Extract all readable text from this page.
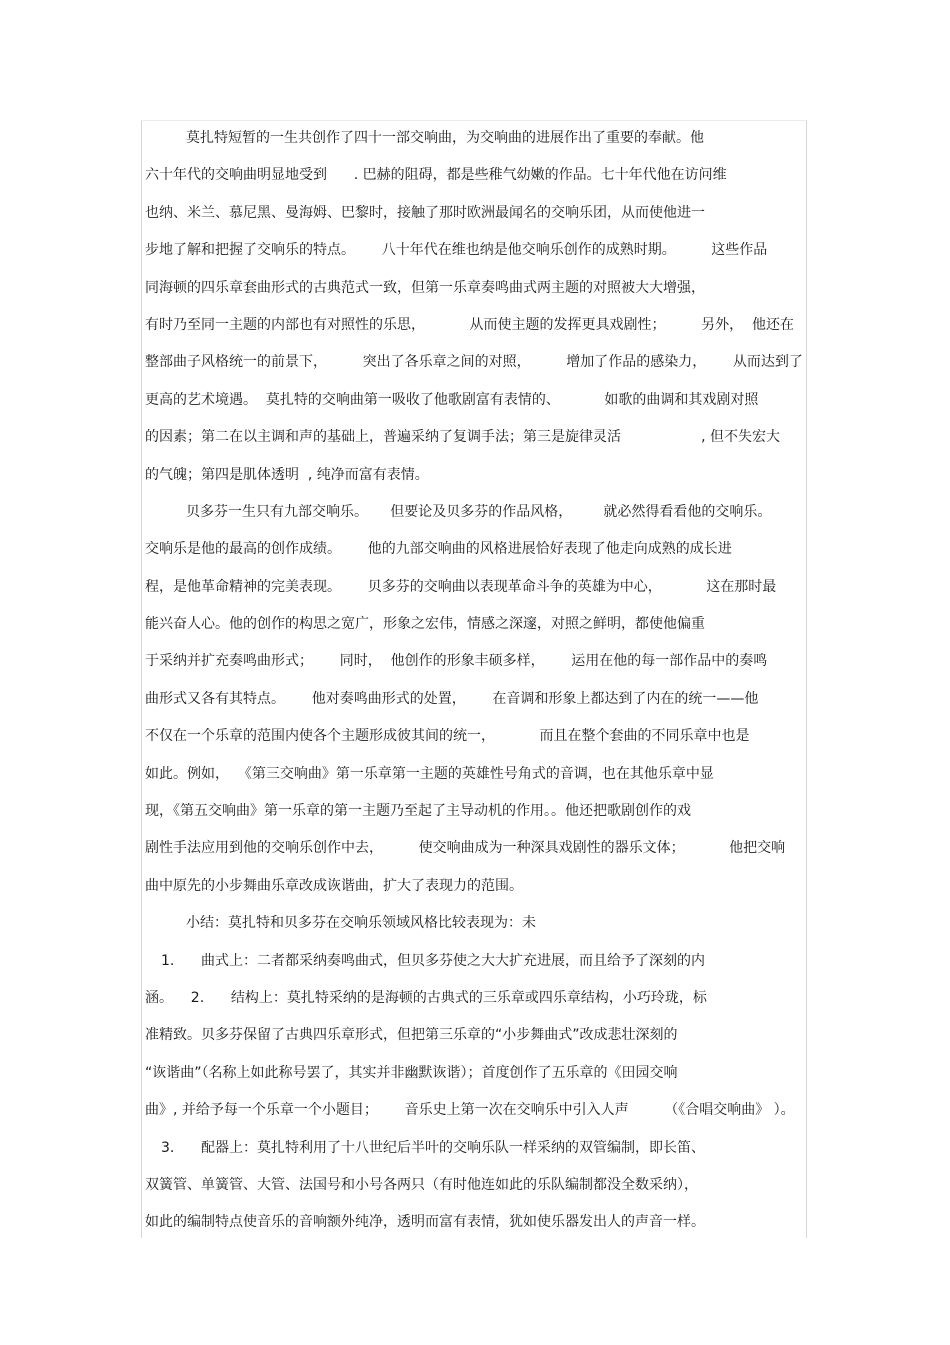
莫扎特短暂的一生共创作了四十一部交响曲，为交响曲的进展作出了重要的奉献。他
六十年代的交响曲明显地受到      . 巴赫的阻碍，都是些稚气幼嫩的作品。七十年代他在访问维
也纳、米兰、慕尼黑、曼海姆、巴黎时，接触了那时欧洲最闻名的交响乐团，从而使他进一
步地了解和把握了交响乐的特点。      八十年代在维也纳是他交响乐创作的成熟时期。        这些作品
同海顿的四乐章套曲形式的古典范式一致，但第一乐章奏鸣曲式两主题的对照被大大增强，
有时乃至同一主题的内部也有对照性的乐思，          从而使主题的发挥更具戏剧性；        另外，  他还在
整部曲子风格统一的前景下，        突出了各乐章之间的对照，        增加了作品的感染力，      从而达到了
更高的艺术境遇。  莫扎特的交响曲第一吸收了他歌剧富有表情的、          如歌的曲调和其戏剧对照
的因素；第二在以主调和声的基础上，普遍采纳了复调手法；第三是旋律灵活                  , 但不失宏大
的气魄；第四是肌体透明  , 纯净而富有表情。
贝多芬一生只有九部交响乐。     但要论及贝多芬的作品风格，       就必然得看看他的交响乐。
交响乐是他的最高的创作成绩。      他的九部交响曲的风格进展恰好表现了他走向成熟的成长进
程，是他革命精神的完美表现。      贝多芬的交响曲以表现革命斗争的英雄为中心，          这在那时最
能兴奋人心。他的创作的构思之宽广，形象之宏伟，情感之深邃，对照之鲜明，都使他偏重
于采纳并扩充奏鸣曲形式；      同时，  他创作的形象丰硕多样，      运用在他的每一部作品中的奏鸣
曲形式又各有其特点。      他对奏鸣曲形式的处置，      在音调和形象上都达到了内在的统一——他
不仅在一个乐章的范围内使各个主题形成彼其间的统一，          而且在整个套曲的不同乐章中也是
如此。例如，  《第三交响曲》第一乐章第一主题的英雄性号角式的音调，也在其他乐章中显
现，《第五交响曲》第一乐章的第一主题乃至起了主导动机的作用。。他还把歌剧创作的戏
剧性手法应用到他的交响乐创作中去，        使交响曲成为一种深具戏剧性的器乐文体；          他把交响
曲中原先的小步舞曲乐章改成诙谐曲，扩大了表现力的范围。
小结：莫扎特和贝多芬在交响乐领域风格比较表现为：未
1.      曲式上：二者都采纳奏鸣曲式，但贝多芬使之大大扩充进展，而且给予了深刻的内
涵。    2.      结构上：莫扎特采纳的是海顿的古典式的三乐章或四乐章结构，小巧玲珑，标
准精致。贝多芬保留了古典四乐章形式，但把第三乐章的“小步舞曲式”改成悲壮深刻的
“诙谐曲”（名称上如此称号罢了，其实并非幽默诙谐）；首度创作了五乐章的《田园交响
曲》, 并给予每一个乐章一个小题目；      音乐史上第一次在交响乐中引入人声        （《合唱交响曲》 ）。
3.      配器上：莫扎特利用了十八世纪后半叶的交响乐队一样采纳的双管编制，即长笛、
双簧管、单簧管、大管、法国号和小号各两只（有时他连如此的乐队编制都没全数采纳），
如此的编制特点使音乐的音响额外纯净，透明而富有表情，犹如使乐器发出人的声音一样。
